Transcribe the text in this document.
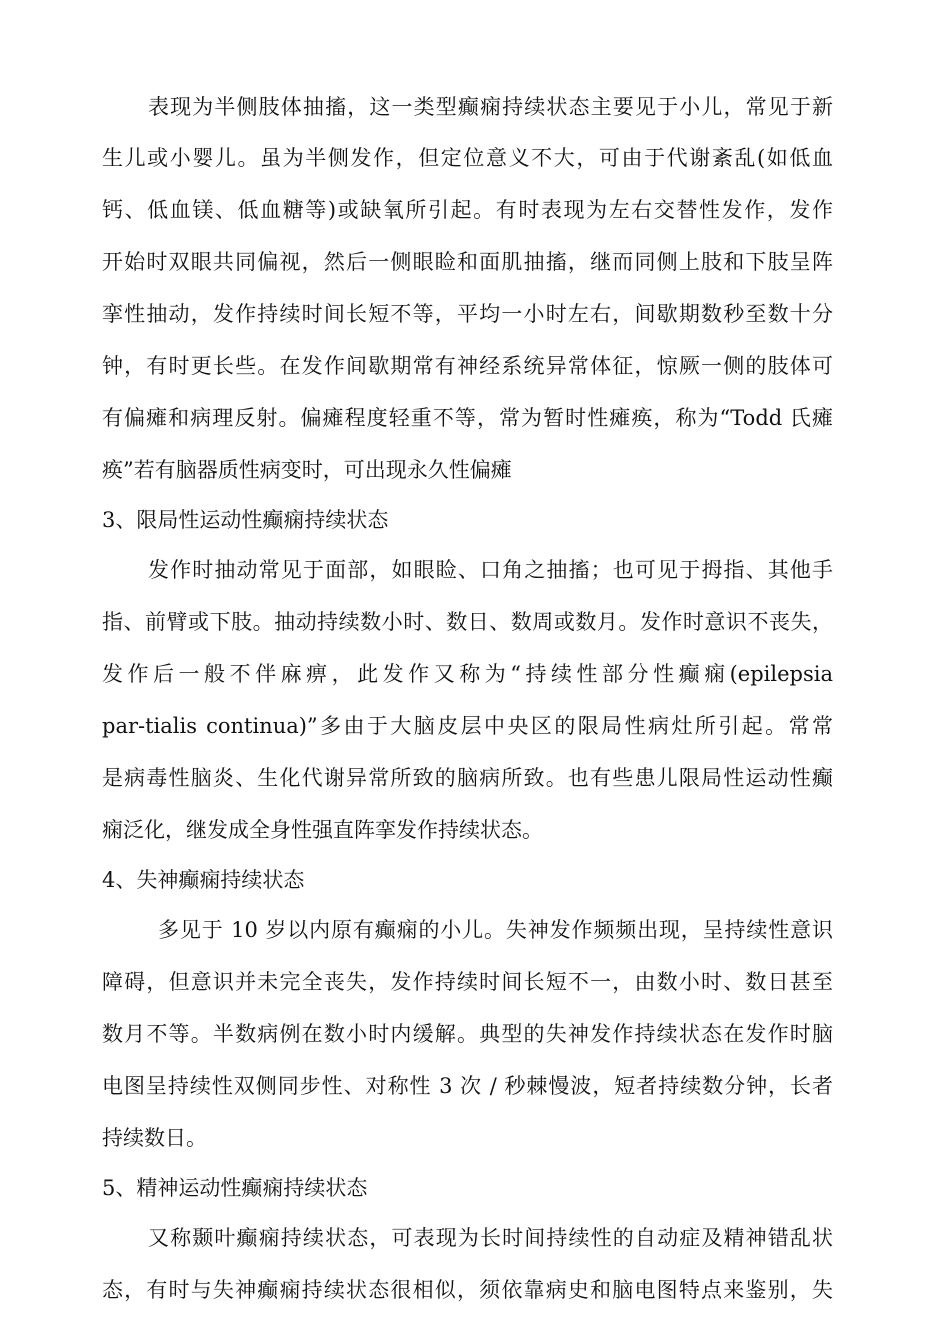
表现为半侧肢体抽搐，这一类型癫痫持续状态主要见于小儿，常见于新
生儿或小婴儿。虽为半侧发作，但定位意义不大，可由于代谢紊乱(如低血
钙、低血镁、低血糖等)或缺氧所引起。有时表现为左右交替性发作，发作
开始时双眼共同偏视，然后一侧眼睑和面肌抽搐，继而同侧上肢和下肢呈阵
挛性抽动，发作持续时间长短不等，平均一小时左右，间歇期数秒至数十分
钟，有时更长些。在发作间歇期常有神经系统异常体征，惊厥一侧的肢体可
有偏瘫和病理反射。偏瘫程度轻重不等，常为暂时性瘫痪，称为“Todd 氏瘫
痪”若有脑器质性病变时，可出现永久性偏瘫
3、限局性运动性癫痫持续状态
发作时抽动常见于面部，如眼睑、口角之抽搐；也可见于拇指、其他手
指、前臂或下肢。抽动持续数小时、数日、数周或数月。发作时意识不丧失，
发作后一般不伴麻痹，此发作又称为“持续性部分性癫痫(epilepsia
par-tialis continua)”多由于大脑皮层中央区的限局性病灶所引起。常常
是病毒性脑炎、生化代谢异常所致的脑病所致。也有些患儿限局性运动性癫
痫泛化，继发成全身性强直阵挛发作持续状态。
4、失神癫痫持续状态
多见于 10 岁以内原有癫痫的小儿。失神发作频频出现，呈持续性意识
障碍，但意识并未完全丧失，发作持续时间长短不一，由数小时、数日甚至
数月不等。半数病例在数小时内缓解。典型的失神发作持续状态在发作时脑
电图呈持续性双侧同步性、对称性 3 次 / 秒棘慢波，短者持续数分钟，长者
持续数日。
5、精神运动性癫痫持续状态
又称颞叶癫痫持续状态，可表现为长时间持续性的自动症及精神错乱状
态，有时与失神癫痫持续状态很相似，须依靠病史和脑电图特点来鉴别，失
